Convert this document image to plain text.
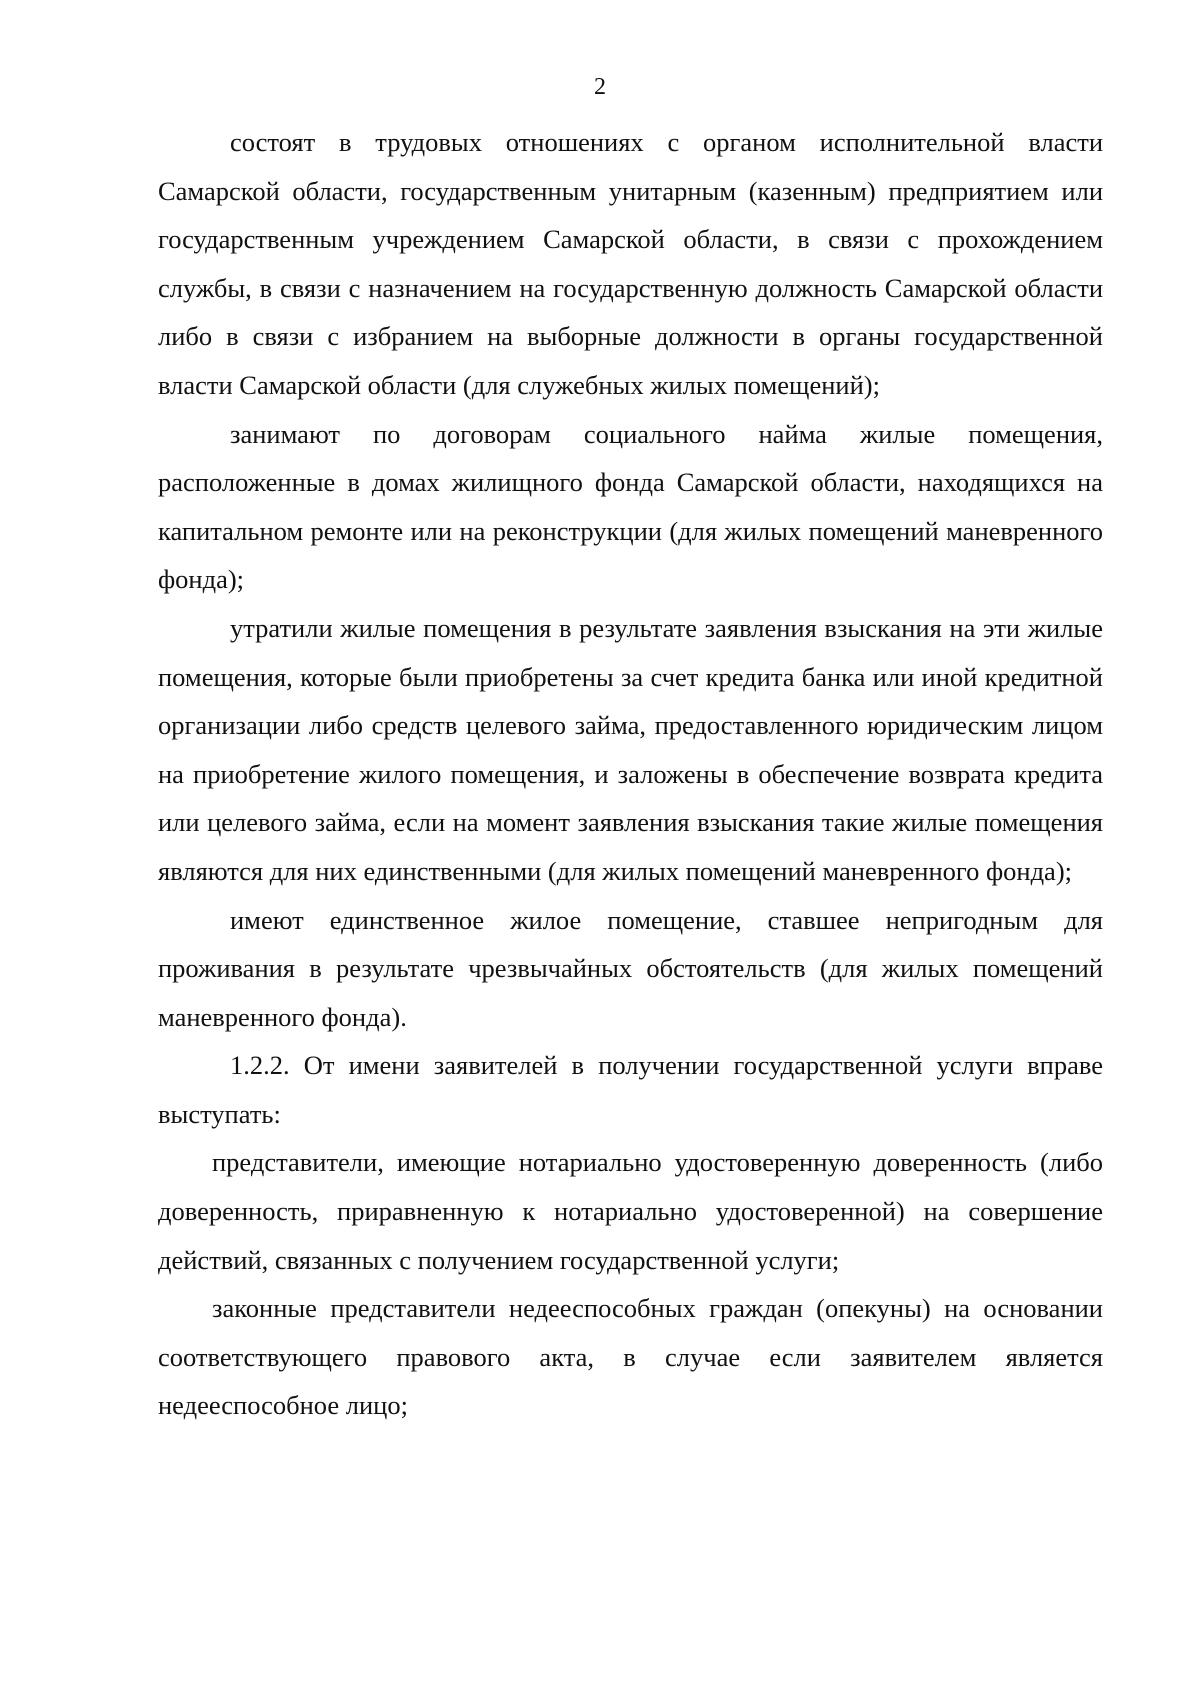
2

состоят в трудовых отношениях с органом исполнительной власти Самарской области, государственным унитарным (казенным) предприятием или государственным учреждением Самарской области, в связи с прохождением службы, в связи с назначением на государственную должность Самарской области либо в связи с избранием на выборные должности в органы государственной власти Самарской области (для служебных жилых помещений);

занимают по договорам социального найма жилые помещения, расположенные в домах жилищного фонда Самарской области, находящихся на капитальном ремонте или на реконструкции (для жилых помещений маневренного фонда);

утратили жилые помещения в результате заявления взыскания на эти жилые помещения, которые были приобретены за счет кредита банка или иной кредитной организации либо средств целевого займа, предоставленного юридическим лицом на приобретение жилого помещения, и заложены в обеспечение возврата кредита или целевого займа, если на момент заявления взыскания такие жилые помещения являются для них единственными (для жилых помещений маневренного фонда);

имеют единственное жилое помещение, ставшее непригодным для проживания в результате чрезвычайных обстоятельств (для жилых помещений маневренного фонда).

1.2.2. От имени заявителей в получении государственной услуги вправе выступать:

представители, имеющие нотариально удостоверенную доверенность (либо доверенность, приравненную к нотариально удостоверенной) на совершение действий, связанных с получением государственной услуги;

законные представители недееспособных граждан (опекуны) на основании соответствующего правового акта, в случае если заявителем является недееспособное лицо;
